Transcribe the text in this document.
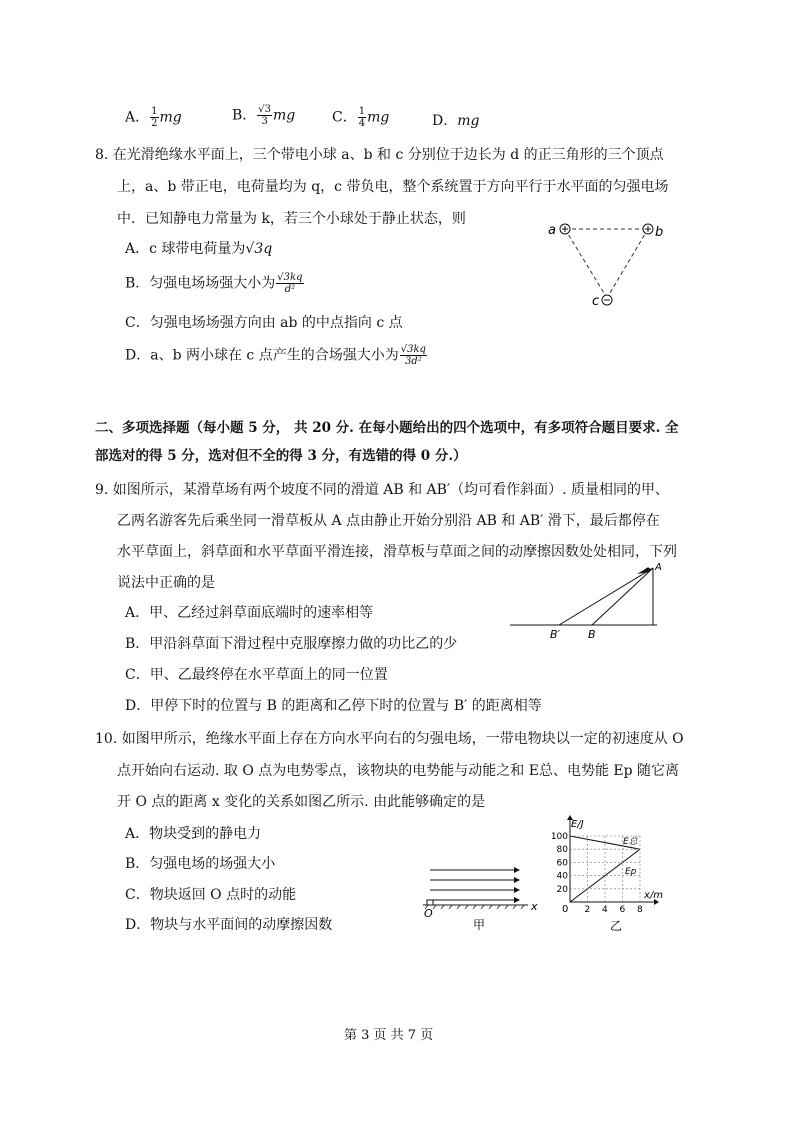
A． $\frac{1}{2}$ mg	B． $\frac{√3}{3}$ mg	C． $\frac{1}{4}$ mg	D．mg
8. 在光滑绝缘水平面上，三个带电小球 a、b 和 c 分别位于边长为 d 的正三角形的三个顶点
上，a、b 带正电，电荷量均为 q，c 带负电，整个系统置于方向平行于水平面的匀强电场
中．已知静电力常量为 k，若三个小球处于静止状态，则
A．c 球带电荷量为√3q
B．匀强电场场强大小为 $\frac{√3kq}{\text{d²}}$
C．匀强电场场强方向由 ab 的中点指向 c 点
D．a、b 两小球在 c 点产生的合场强大小为 $\frac{√3kq}{\text{3d²}}$
a	b
c
二、多项选择题（每小题 5 分， 共 20 分. 在每小题给出的四个选项中，有多项符合题目要求. 全
部选对的得 5 分，选对但不全的得 3 分，有选错的得 0 分.）
9. 如图所示，某滑草场有两个坡度不同的滑道 AB 和 AB′（均可看作斜面）. 质量相同的甲、
乙两名游客先后乘坐同一滑草板从 A 点由静止开始分别沿 AB 和 AB′ 滑下，最后都停在
水平草面上，斜草面和水平草面平滑连接，滑草板与草面之间的动摩擦因数处处相同，下列
说法中正确的是
A．甲、乙经过斜草面底端时的速率相等
B．甲沿斜草面下滑过程中克服摩擦力做的功比乙的少
C．甲、乙最终停在水平草面上的同一位置
D．甲停下时的位置与 B 的距离和乙停下时的位置与 B′ 的距离相等
A
B′	B
10. 如图甲所示，绝缘水平面上存在方向水平向右的匀强电场，一带电物块以一定的初速度从 O
点开始向右运动. 取 O 点为电势零点，该物块的电势能与动能之和 E总、电势能 Ep 随它离
开 O 点的距离 x 变化的关系如图乙所示. 由此能够确定的是
A．物块受到的静电力
B．匀强电场的场强大小
C．物块返回 O 点时的动能
D．物块与水平面间的动摩擦因数
O
x
甲
100
80
60
40
20
8
6
4
2
E/J
x/m
0
乙
E总
Ep
第 3 页 共 7 页
